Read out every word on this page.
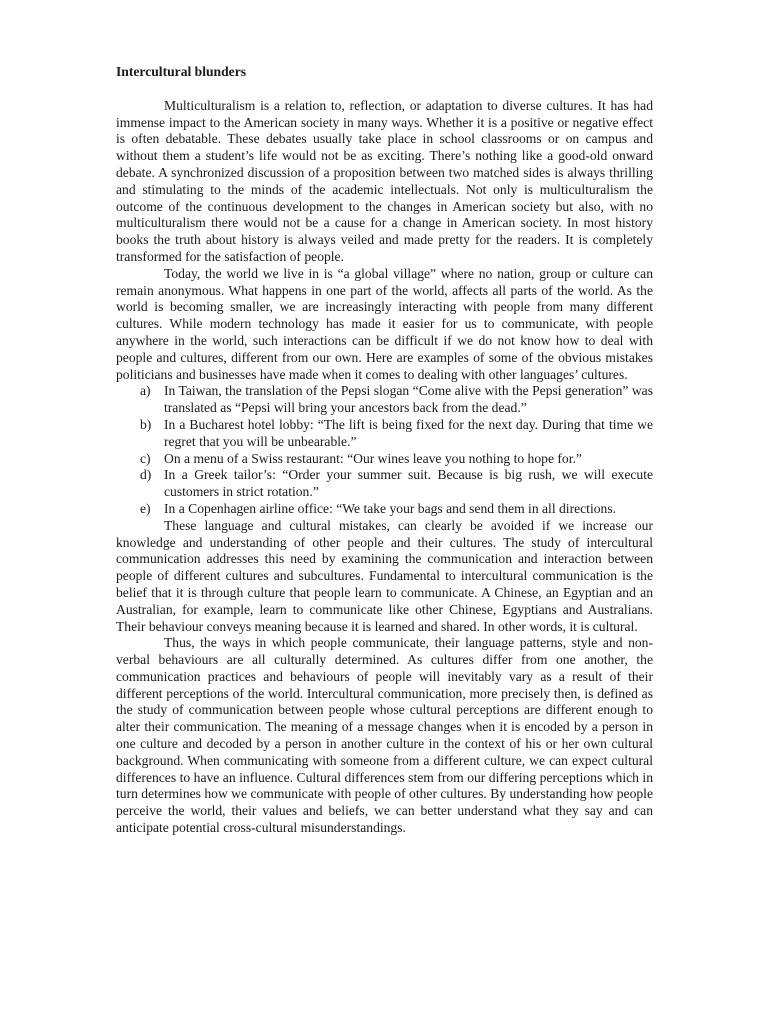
Intercultural blunders

Multiculturalism is a relation to, reflection, or adaptation to diverse cultures. It has had immense impact to the American society in many ways. Whether it is a positive or negative effect is often debatable. These debates usually take place in school classrooms or on campus and without them a student’s life would not be as exciting. There’s nothing like a good-old onward debate. A synchronized discussion of a proposition between two matched sides is always thrilling and stimulating to the minds of the academic intellectuals. Not only is multiculturalism the outcome of the continuous development to the changes in American society but also, with no multiculturalism there would not be a cause for a change in American society. In most history books the truth about history is always veiled and made pretty for the readers. It is completely transformed for the satisfaction of people.

Today, the world we live in is “a global village” where no nation, group or culture can remain anonymous. What happens in one part of the world, affects all parts of the world. As the world is becoming smaller, we are increasingly interacting with people from many different cultures. While modern technology has made it easier for us to communicate, with people anywhere in the world, such interactions can be difficult if we do not know how to deal with people and cultures, different from our own. Here are examples of some of the obvious mistakes politicians and businesses have made when it comes to dealing with other languages’ cultures.

a) In Taiwan, the translation of the Pepsi slogan “Come alive with the Pepsi generation” was translated as “Pepsi will bring your ancestors back from the dead.”
b) In a Bucharest hotel lobby: “The lift is being fixed for the next day. During that time we regret that you will be unbearable.”
c) On a menu of a Swiss restaurant: “Our wines leave you nothing to hope for.”
d) In a Greek tailor’s: “Order your summer suit. Because is big rush, we will execute customers in strict rotation.”
e) In a Copenhagen airline office: “We take your bags and send them in all directions.

These language and cultural mistakes, can clearly be avoided if we increase our knowledge and understanding of other people and their cultures. The study of intercultural communication addresses this need by examining the communication and interaction between people of different cultures and subcultures. Fundamental to intercultural communication is the belief that it is through culture that people learn to communicate. A Chinese, an Egyptian and an Australian, for example, learn to communicate like other Chinese, Egyptians and Australians. Their behaviour conveys meaning because it is learned and shared. In other words, it is cultural.

Thus, the ways in which people communicate, their language patterns, style and non-verbal behaviours are all culturally determined. As cultures differ from one another, the communication practices and behaviours of people will inevitably vary as a result of their different perceptions of the world. Intercultural communication, more precisely then, is defined as the study of communication between people whose cultural perceptions are different enough to alter their communication. The meaning of a message changes when it is encoded by a person in one culture and decoded by a person in another culture in the context of his or her own cultural background. When communicating with someone from a different culture, we can expect cultural differences to have an influence. Cultural differences stem from our differing perceptions which in turn determines how we communicate with people of other cultures. By understanding how people perceive the world, their values and beliefs, we can better understand what they say and can anticipate potential cross-cultural misunderstandings.
